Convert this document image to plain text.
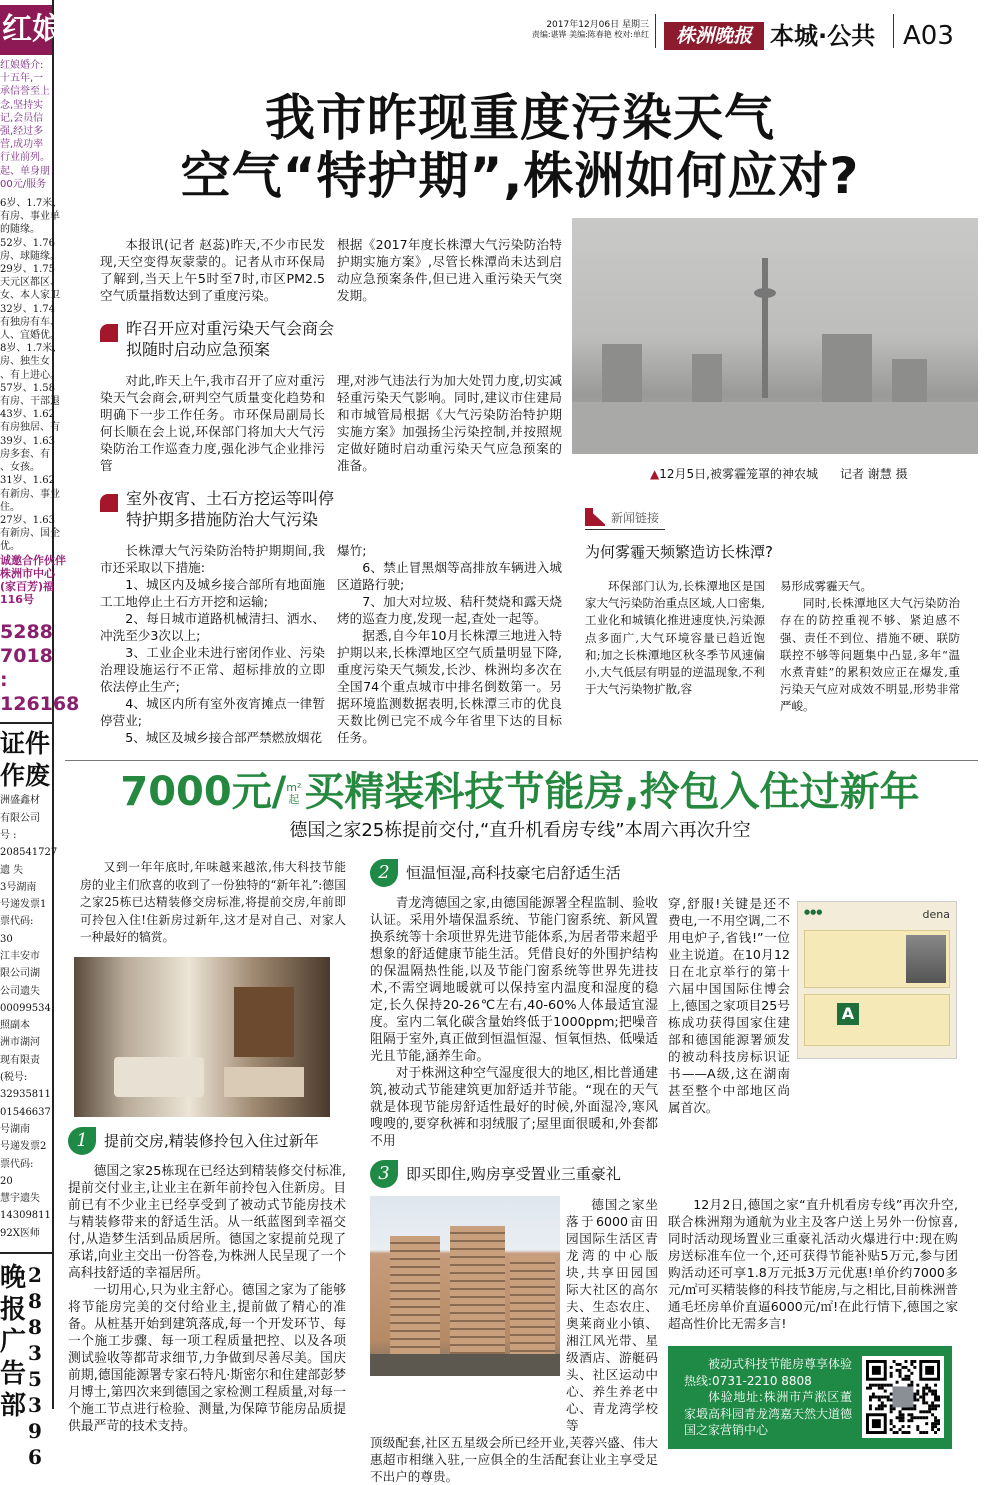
红娘
红娘婚介:
十五年,一
承信誉至上
念,坚持实
记,会员信
强,经过多
营,成功率
行业前列。
起、单身朋
00元/服务
6岁、1.7米、
有房、事业单
的随缘。
52岁、1.76
房、球随缘。
29岁、1.75
天元区都区、
女、本人家卫
32岁、1.74
有独房有车、
人、宜婚优。
8岁、1.7米、
房、独生女
、有上进心。
57岁、1.58
有房、干部退
43岁、1.62
有房独居、有
39岁、1.63
房多套、有
、女孩。
31岁、1.62
有新房、事业
住。
27岁、1.63
有新房、国企
优。
诚邀合作伙伴
株洲市中心
(家百芳)福
116号
5288
7018
:
126168
证件
作废
洲盛鑫材
有限公司
号 :
208541727
遗 失
3号湖南
号递发票1
票代码:
30
江丰安市
限公司湖
公司遗失
00099534
照副本
洲市湖河
现有限责
(税号:
32935811
01546637
号湖南
号递发票2
票代码:
20
慧宇遗失
14309811
92X医师
晚
报
广
告
部
2
8
8
3
5
3
9
6
2017年12月06日 星期三
责编:谌铧 美编:陈春艳 校对:单红	株洲晚报 本城·公共 A03
我市昨现重度污染天气
空气“特护期”,株洲如何应对?

本报讯(记者 赵蕊)昨天,不少市民发现,天空变得灰蒙蒙的。记者从市环保局了解到,当天上午5时至7时,市区PM2.5空气质量指数达到了重度污染。

根据《2017年度长株潭大气污染防治特护期实施方案》,尽管长株潭尚未达到启动应急预案条件,但已进入重污染天气突发期。

昨召开应对重污染天气会商会
拟随时启动应急预案

对此,昨天上午,我市召开了应对重污染天气会商会,研判空气质量变化趋势和明确下一步工作任务。市环保局副局长何长顺在会上说,环保部门将加大大气污染防治工作巡查力度,强化涉气企业排污管

理,对涉气违法行为加大处罚力度,切实减轻重污染天气影响。同时,建议市住建局和市城管局根据《大气污染防治特护期实施方案》加强扬尘污染控制,并按照规定做好随时启动重污染天气应急预案的准备。

室外夜宵、土石方挖运等叫停
特护期多措施防治大气污染

长株潭大气污染防治特护期期间,我市还采取以下措施:

1、城区内及城乡接合部所有地面施工工地停止土石方开挖和运输;

2、每日城市道路机械清扫、洒水、冲洗至少3次以上;

3、工业企业未进行密闭作业、污染治理设施运行不正常、超标排放的立即依法停止生产;

4、城区内所有室外夜宵摊点一律暂停营业;

5、城区及城乡接合部严禁燃放烟花

爆竹;

6、禁止冒黑烟等高排放车辆进入城区道路行驶;

7、加大对垃圾、秸秆焚烧和露天烧烤的巡查力度,发现一起,查处一起等。

据悉,自今年10月长株潭三地进入特护期以来,长株潭地区空气质量明显下降,重度污染天气频发,长沙、株洲均多次在全国74个重点城市中排名倒数第一。另据环境监测数据表明,长株潭三市的优良天数比例已完不成今年省里下达的目标任务。

▲12月5日,被雾霾笼罩的神农城 记者 谢慧 摄
新闻链接
为何雾霾天频繁造访长株潭?

环保部门认为,长株潭地区是国家大气污染防治重点区域,人口密集,工业化和城镇化推进速度快,污染源点多面广,大气环境容量已趋近饱和;加之长株潭地区秋冬季节风速偏小,大气低层有明显的逆温现象,不利于大气污染物扩散,容

易形成雾霾天气。

同时,长株潭地区大气污染防治存在的防控重视不够、紧迫感不强、责任不到位、措施不硬、联防联控不够等问题集中凸显,多年“温水煮青蛙”的累积效应正在爆发,重污染天气应对成效不明显,形势非常严峻。

7000元/ m²
起 买精装科技节能房,拎包入住过新年
德国之家25栋提前交付,“直升机看房专线”本周六再次升空

又到一年年底时,年味越来越浓,伟大科技节能房的业主们欣喜的收到了一份独特的“新年礼”:德国之家25栋已达精装修交房标准,将提前交房,年前即可拎包入住!住新房过新年,这才是对自己、对家人一种最好的犒赏。

1	提前交房,精装修拎包入住过新年

德国之家25栋现在已经达到精装修交付标准,提前交付业主,让业主在新年前拎包入住新房。目前已有不少业主已经享受到了被动式节能房技术与精装修带来的舒适生活。从一纸蓝图到幸福交付,从造梦生活到品质居所。德国之家提前兑现了承诺,向业主交出一份答卷,为株洲人民呈现了一个高科技舒适的幸福居所。

一切用心,只为业主舒心。德国之家为了能够将节能房完美的交付给业主,提前做了精心的准备。从桩基开始到建筑落成,每一个开发环节、每一个施工步骤、每一项工程质量把控、以及各项测试验收等都苛求细节,力争做到尽善尽美。国庆前期,德国能源署专家石特凡·斯密尔和住建部彭梦月博士,第四次来到德国之家检测工程质量,对每一个施工节点进行检验、测量,为保障节能房品质提供最严苛的技术支持。

2	恒温恒湿,高科技豪宅启舒适生活

青龙湾德国之家,由德国能源署全程监制、验收认证。采用外墙保温系统、节能门窗系统、新风置换系统等十余项世界先进节能体系,为居者带来超乎想象的舒适健康节能生活。凭借良好的外围护结构的保温隔热性能,以及节能门窗系统等世界先进技术,不需空调地暖就可以保持室内温度和湿度的稳定,长久保持20-26℃左右,40-60%人体最适宜湿度。室内二氧化碳含量始终低于1000ppm;把噪音阻隔于室外,真正做到恒温恒湿、恒氧恒热、低噪适光且节能,涵养生命。

对于株洲这种空气湿度很大的地区,相比普通建筑,被动式节能建筑更加舒适并节能。“现在的天气就是体现节能房舒适性最好的时候,外面湿冷,寒风嗖嗖的,要穿秋裤和羽绒服了;屋里面很暖和,外套都不用

穿,舒服!关键是还不费电,一不用空调,二不用电炉子,省钱!”一位业主说道。在10月12日在北京举行的第十六届中国国际住博会上,德国之家项目25号栋成功获得国家住建部和德国能源署颁发的被动科技房标识证书——A级,这在湖南甚至整个中部地区尚属首次。

●●●	dena
A
3	即买即住,购房享受置业三重豪礼

德国之家坐落于6000亩田园国际生活区青龙湾的中心版块,共享田园国际大社区的高尔夫、生态农庄、奥莱商业小镇、湘江风光带、星级酒店、游艇码头、社区运动中心、养生养老中心、青龙湾学校等

顶级配套,社区五星级会所已经开业,芙蓉兴盛、伟大惠超市相继入驻,一应俱全的生活配套让业主享受足不出户的尊贵。

12月2日,德国之家“直升机看房专线”再次升空,联合株洲翔为通航为业主及客户送上另外一份惊喜,同时活动现场置业三重豪礼活动火爆进行中:现在购房送标准车位一个,还可获得节能补贴5万元,参与团购活动还可享1.8万元抵3万元优惠!单价约7000多元/㎡可买精装修的科技节能房,与之相比,目前株洲普通毛坯房单价直逼6000元/㎡!在此行情下,德国之家超高性价比无需多言!

被动式科技节能房尊享体验热线:0731-2210 8808

体验地址:株洲市芦淞区董家塅高科园青龙湾嘉天然大道德国之家营销中心
